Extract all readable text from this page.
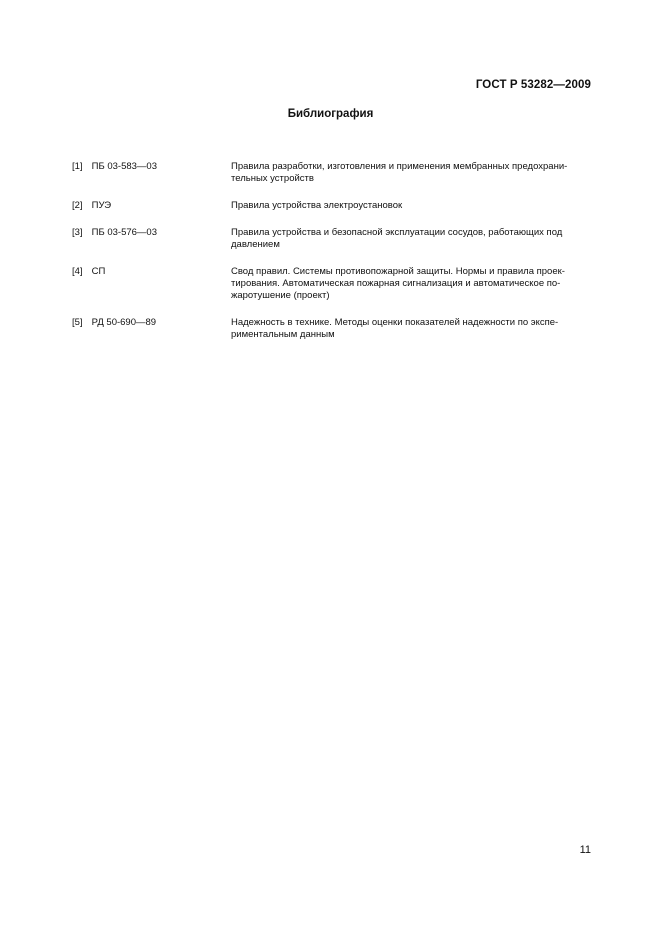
ГОСТ Р 53282—2009
Библиография
[1] ПБ 03-583—03	Правила разработки, изготовления и применения мембранных предохрани-
тельных устройств
[2] ПУЭ	Правила устройства электроустановок
[3] ПБ 03-576—03	Правила устройства и безопасной эксплуатации сосудов, работающих под
давлением
[4] СП	Свод правил. Системы противопожарной защиты. Нормы и правила проек-
тирования. Автоматическая пожарная сигнализация и автоматическое по-
жаротушение (проект)
[5] РД 50-690—89	Надежность в технике. Методы оценки показателей надежности по экспе-
риментальным данным
11
